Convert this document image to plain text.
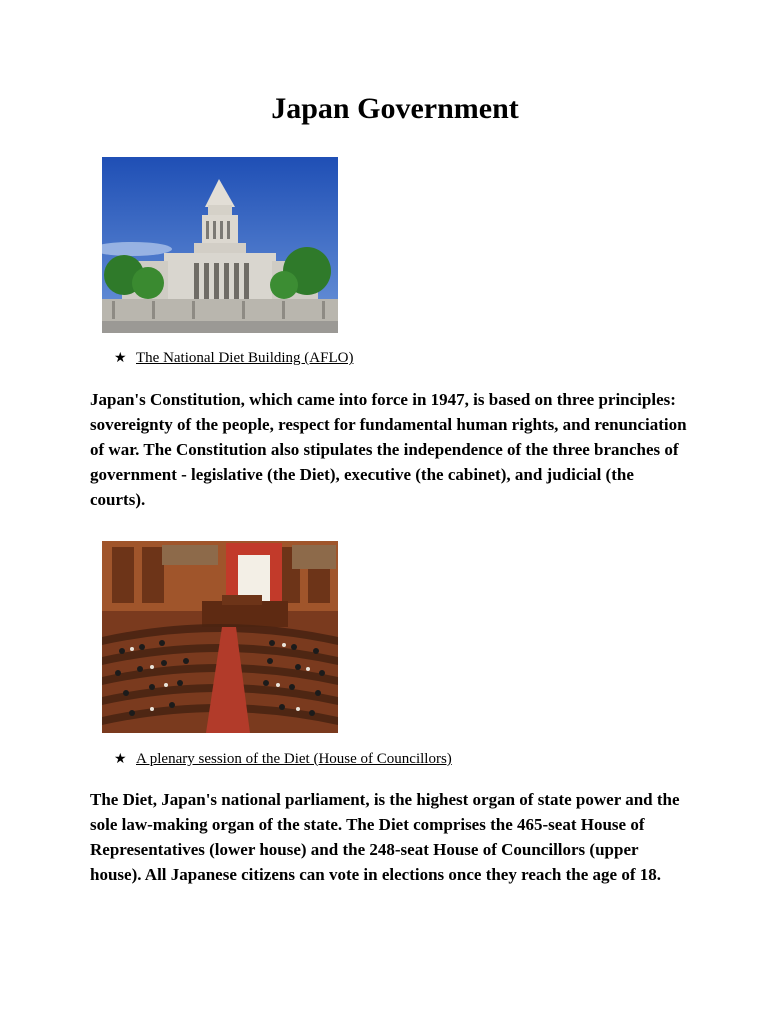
Japan Government
★ The National Diet Building (AFLO)

Japan's Constitution, which came into force in 1947, is based on three principles: sovereignty of the people, respect for fundamental human rights, and renunciation of war. The Constitution also stipulates the independence of the three branches of government - legislative (the Diet), executive (the cabinet), and judicial (the courts).

★ A plenary session of the Diet (House of Councillors)

The Diet, Japan's national parliament, is the highest organ of state power and the sole law-making organ of the state. The Diet comprises the 465-seat House of Representatives (lower house) and the 248-seat House of Councillors (upper house). All Japanese citizens can vote in elections once they reach the age of 18.
